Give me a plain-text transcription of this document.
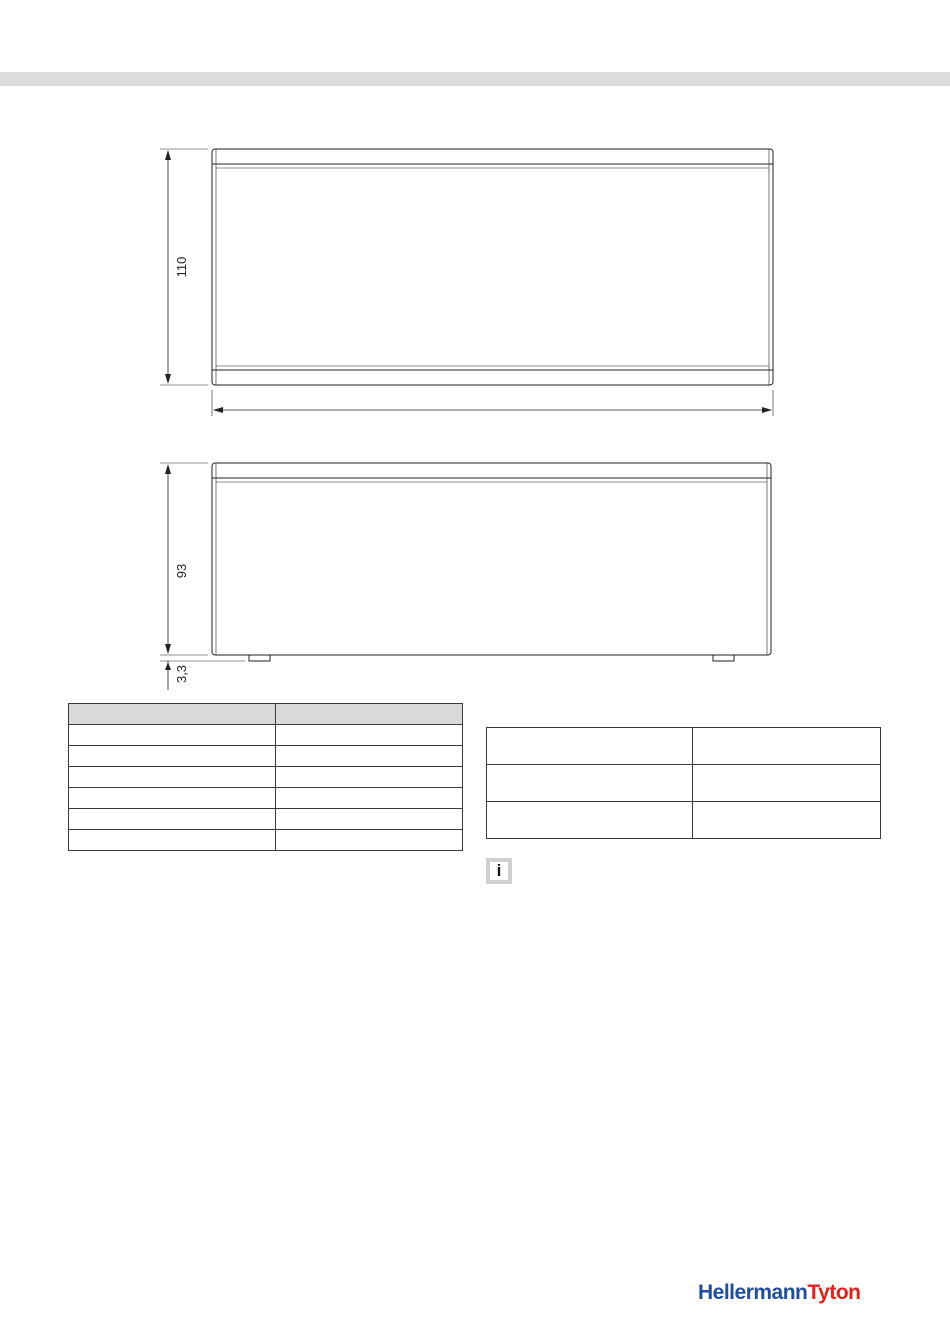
110
93
3,3

i
HellermannTyton
